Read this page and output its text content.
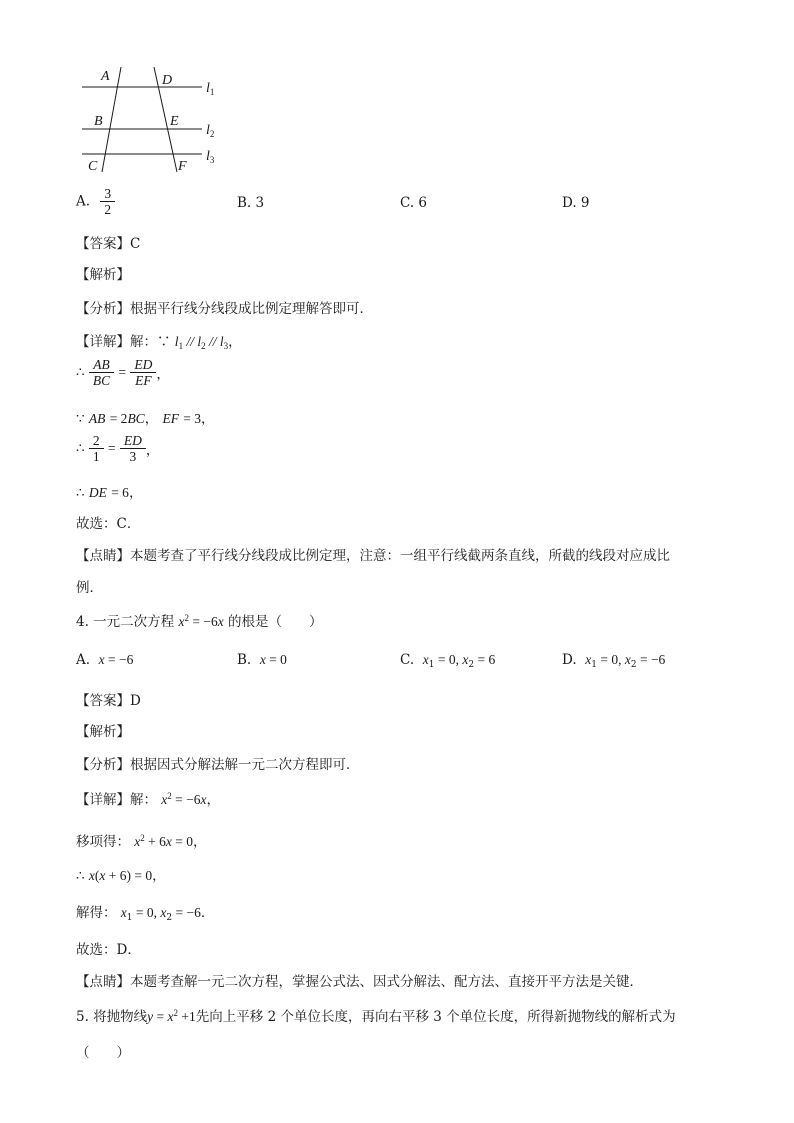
A	D
B	E
C	F
$l_1$
$l_2$
$l_3$
A. $\frac{3}{2}$	B. 3	C. 6	D. 9
【答案】C
【解析】
【分析】根据平行线分线段成比例定理解答即可．
【详解】解：∵ $l_1 // l_2 // l_3$，
∴ $\frac{AB}{BC} = \frac{ED}{EF}$ ，
∵ AB = 2BC， EF = 3，
∴ $\frac{2}{1} = \frac{ED}{3}$ ，
∴ DE = 6，
故选：C．
【点睛】本题考查了平行线分线段成比例定理，注意：一组平行线截两条直线，所截的线段对应成比
例．
4. 一元二次方程 $x^2 = -6x$ 的根是（　　）
A. x = −6	B. x = 0	C. $x_1 = 0$, $x_2 = 6$	D. $x_1 = 0$, $x_2 = -6$
【答案】D
【解析】
【分析】根据因式分解法解一元二次方程即可．
【详解】解： $x^2 = -6x$，
移项得： $x^2 + 6x = 0$，
∴ x(x + 6) = 0，
解得： $x_1 = 0$, $x_2 = -6$．
故选：D．
【点睛】本题考查解一元二次方程，掌握公式法、因式分解法、配方法、直接开平方法是关键．
5. 将抛物线$y = x^2 +1$先向上平移 2 个单位长度，再向右平移 3 个单位长度，所得新抛物线的解析式为
（　　）
